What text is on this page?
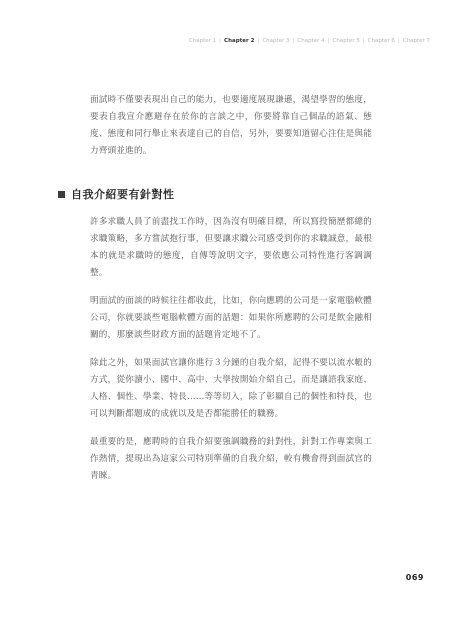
Chapter 1 | Chapter 2 | Chapter 3 | Chapter 4 | Chapter 5 | Chapter 6 | Chapter 7

面試時不僅要表現出自己的能力，也要適度展現謙遜，渴望學習的態度，要表自我宣介應避存在於你的言談之中，你要將靠自己個品的語氣、態度、態度和同行舉止來表達自己的自信，另外，要要知道留心注住是與能力齊頭並進的。

自我介紹要有針對性

許多求職人員了前盡找工作時，因為沒有明確目標，所以寫投簡歷都總的求職策略，多方嘗試抱行事，但要讓求職公司感受到你的求職誠意，最根本的就是求職時的態度，自傳等說明文字，要依應公司特性進行客調調整。

明面試的面談的時候往往都收此，比如，你向應聘的公司是一家電腦軟體公司，你就要談些電腦軟體方面的話題：如果你所應聘的公司是飲金融相關的，那麼談些財政方面的話題肯定地不了。

除此之外，如果面試官讓你進行３分鐘的自我介紹，記得不要以流水帳的方式，從你讀小、國中、高中、大學按開始介紹自己，而是讓語我家庭、人格、個性、學業、特長……等等切入，除了彰顯自己的個性和特長，也可以判斷都題成的成就以及是否都能勝任的職務。

最重要的是，應聘時的自我介紹要強調職務的針對性，針對工作專業與工作熱情，提現出為這家公司特別準備的自我介紹，較有機會得到面試官的青睞。

069
